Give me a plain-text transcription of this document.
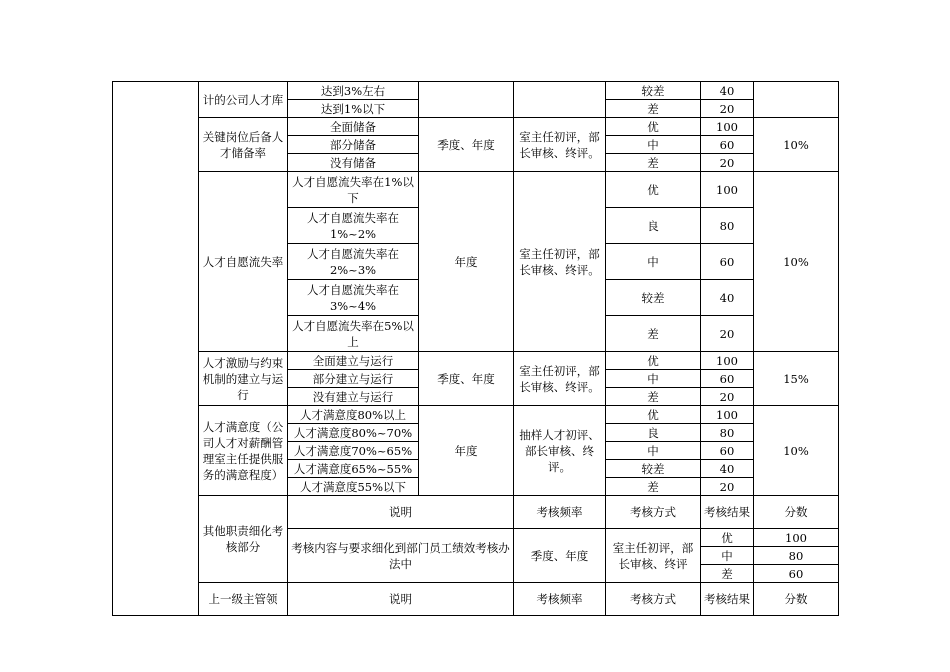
	计的公司人才库	达到3%左右			较差	40		
		达到1%以下			差	20		
	关键岗位后备人才储备率	全面储备	季度、年度	室主任初评，部长审核、终评。	优	100	10%	
		部分储备			中	60		
		没有储备			差	20		
	人才自愿流失率	人才自愿流失率在1%以下	年度	室主任初评，部长审核、终评。	优	100	10%	
		人才自愿流失率在1%~2%			良	80		
		人才自愿流失率在2%~3%			中	60		
		人才自愿流失率在3%~4%			较差	40		
		人才自愿流失率在5%以上			差	20		
	人才激励与约束机制的建立与运行	全面建立与运行	季度、年度	室主任初评，部长审核、终评。	优	100	15%	
		部分建立与运行			中	60		
		没有建立与运行			差	20		
	人才满意度（公司人才对薪酬管理室主任提供服务的满意程度）	人才满意度80%以上	年度	抽样人才初评、部长审核、终评。	优	100	10%	
		人才满意度80%~70%			良	80		
		人才满意度70%~65%			中	60		
		人才满意度65%~55%			较差	40		
		人才满意度55%以下			差	20		
	其他职责细化考核部分	说明		考核频率	考核方式	考核结果	分数	
		考核内容与要求细化到部门员工绩效考核办法中		季度、年度	室主任初评，部长审核、终评	优	100	
						中	80	
						差	60	
	上一级主管领	说明		考核频率	考核方式	考核结果	分数	
